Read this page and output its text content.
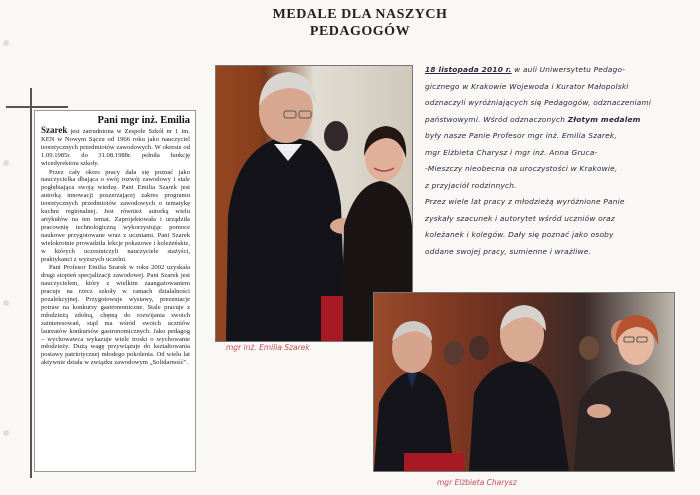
MEDALE DLA NASZYCH
PEDAGOGÓW
Pani mgr inż. Emilia

Szarek jest zatrudniona w Zespole Szkół nr 1 im. KEN w Nowym Sączu od 1966 roku jako nauczyciel teoretycznych przedmiotów zawodowych. W okresie od 1.09.1985r. do 31.08.1988r. pełniła funkcję wicedyrektora szkoły.

Przez cały okres pracy dała się poznać jako nauczycielka dbająca o swój rozwój zawodowy i stale pogłębiająca swoją wiedzę. Pani Emilia Szarek jest autorką innowacji poszerzającej zakres programu teoretycznych przedmiotów zawodowych o tematykę kuchni regionalnej. Jest również autorką wielu artykułów na ten temat. Zaprojektowała i urządziła pracownię technologiczną wykorzystując pomoce naukowe przygotowane wraz z uczniami. Pani Szarek wielokrotnie prowadziła lekcje pokazowe i koleżeńskie, w których uczestniczyli nauczyciele stażyści, praktykanci z wyższych uczelni.

Pani Profesor Emilia Szarek w roku 2002 uzyskała drugi stopień specjalizacji zawodowej. Pani Szarek jest nauczycielem, który z wielkim zaangażowaniem pracuje na rzecz szkoły w ramach działalności pozalekcyjnej. Przygotowuje wystawy, prezentacje potraw na konkursy gastronomiczne. Stale pracuje z młodzieżą zdolną, chętną do rozwijania swoich zainteresowań, stąd ma wśród swoich uczniów laureatów konkursów gastronomicznych. Jako pedagog – wychowawca wykazuje wiele troski o wychowanie młodzieży. Dużą wagę przywiązuje do kształtowania postawy patriotycznej młodego pokolenia. Od wielu lat aktywnie działa w związku zawodowym „Solidarność".

18 listopada 2010 r. w auli Uniwersytetu Pedago-
gicznego w Krakowie Wojewoda i Kurator Małopolski
odznaczyli wyróżniających się Pedagogów, odznaczeniami
państwowymi. Wśród odznaczonych Złotym medalem
były nasze Panie Profesor mgr inż. Emilia Szarek,
mgr Elżbieta Charysz i mgr inż. Anna Gruca-
-Mieszczy nieobecna na uroczystości w Krakowie,
z przyjaciół rodzinnych.
Przez wiele lat pracy z młodzieżą wyróżnione Panie
zyskały szacunek i autorytet wśród uczniów oraz
koleżanek i kolegów. Dały się poznać jako osoby
oddane swojej pracy, sumienne i wrażliwe.
mgr inż. Emilia Szarek
mgr Elżbieta Charysz
